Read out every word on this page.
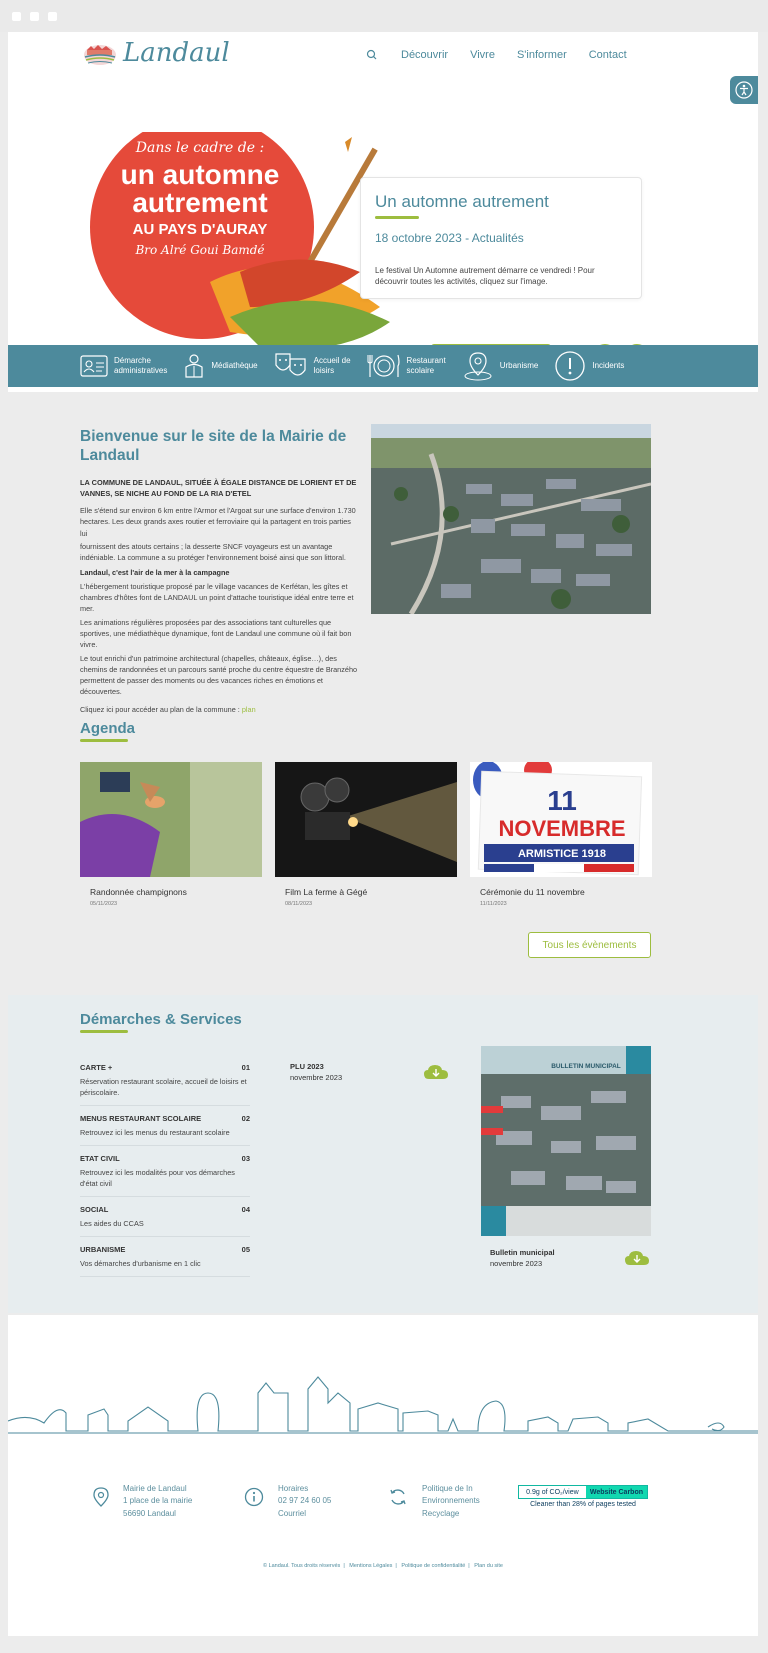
Landaul	Découvrir Vivre S'informer Contact
Dans le cadre de :
un automne
autrement
AU PAYS D'AURAY
Bro Alré Goui Bamdé
Un automne autrement
18 octobre 2023 - Actualités
Le festival Un Automne autrement démarre ce vendredi ! Pour découvrir toutes les activités, cliquez sur l'image.
Démarche
administratives
Médiathèque
Accueil de
loisirs
Restaurant
scolaire
Urbanisme	Incidents
Bienvenue sur le site de la Mairie de Landaul
LA COMMUNE DE LANDAUL, SITUÉE À ÉGALE DISTANCE DE LORIENT ET DE VANNES, SE NICHE AU FOND DE LA RIA D'ETEL

Elle s'étend sur environ 6 km entre l'Armor et l'Argoat sur une surface d'environ 1.730 hectares. Les deux grands axes routier et ferroviaire qui la partagent en trois parties lui

fournissent des atouts certains ; la desserte SNCF voyageurs est un avantage indéniable. La commune a su protéger l'environnement boisé ainsi que son littoral.

Landaul, c'est l'air de la mer à la campagne

L'hébergement touristique proposé par le village vacances de Kerfétan, les gîtes et chambres d'hôtes font de LANDAUL un point d'attache touristique idéal entre terre et mer.

Les animations régulières proposées par des associations tant culturelles que sportives, une médiathèque dynamique, font de Landaul une commune où il fait bon vivre.

Le tout enrichi d'un patrimoine architectural (chapelles, châteaux, église…), des chemins de randonnées et un parcours santé proche du centre équestre de Branzého permettent de passer des moments ou des vacances riches en émotions et découvertes.

Cliquez ici pour accéder au plan de la commune : plan

Agenda
Randonnée champignons
05/11/2023
Film La ferme à Gégé
08/11/2023
11
NOVEMBRE
ARMISTICE 1918
Cérémonie du 11 novembre
11/11/2023
Tous les évènements
Démarches & Services
CARTE +	01
Réservation restaurant scolaire, accueil de loisirs et périscolaire.
MENUS RESTAURANT SCOLAIRE	02
Retrouvez ici les menus du restaurant scolaire
ETAT CIVIL	03
Retrouvez ici les modalités pour vos démarches d'état civil
SOCIAL	04
Les aides du CCAS
URBANISME	05
Vos démarches d'urbanisme en 1 clic
PLU 2023
novembre 2023
BULLETIN MUNICIPAL
Bulletin municipal
novembre 2023
Mairie de Landaul
1 place de la mairie
56690 Landaul
Horaires
02 97 24 60 05
Courriel
Politique de In
Environnements
Recyclage
0.9g of CO₂/view	Website Carbon
Cleaner than 28% of pages tested
© Landaul. Tous droits réservés | Mentions Légales | Politique de confidentialité | Plan du site
